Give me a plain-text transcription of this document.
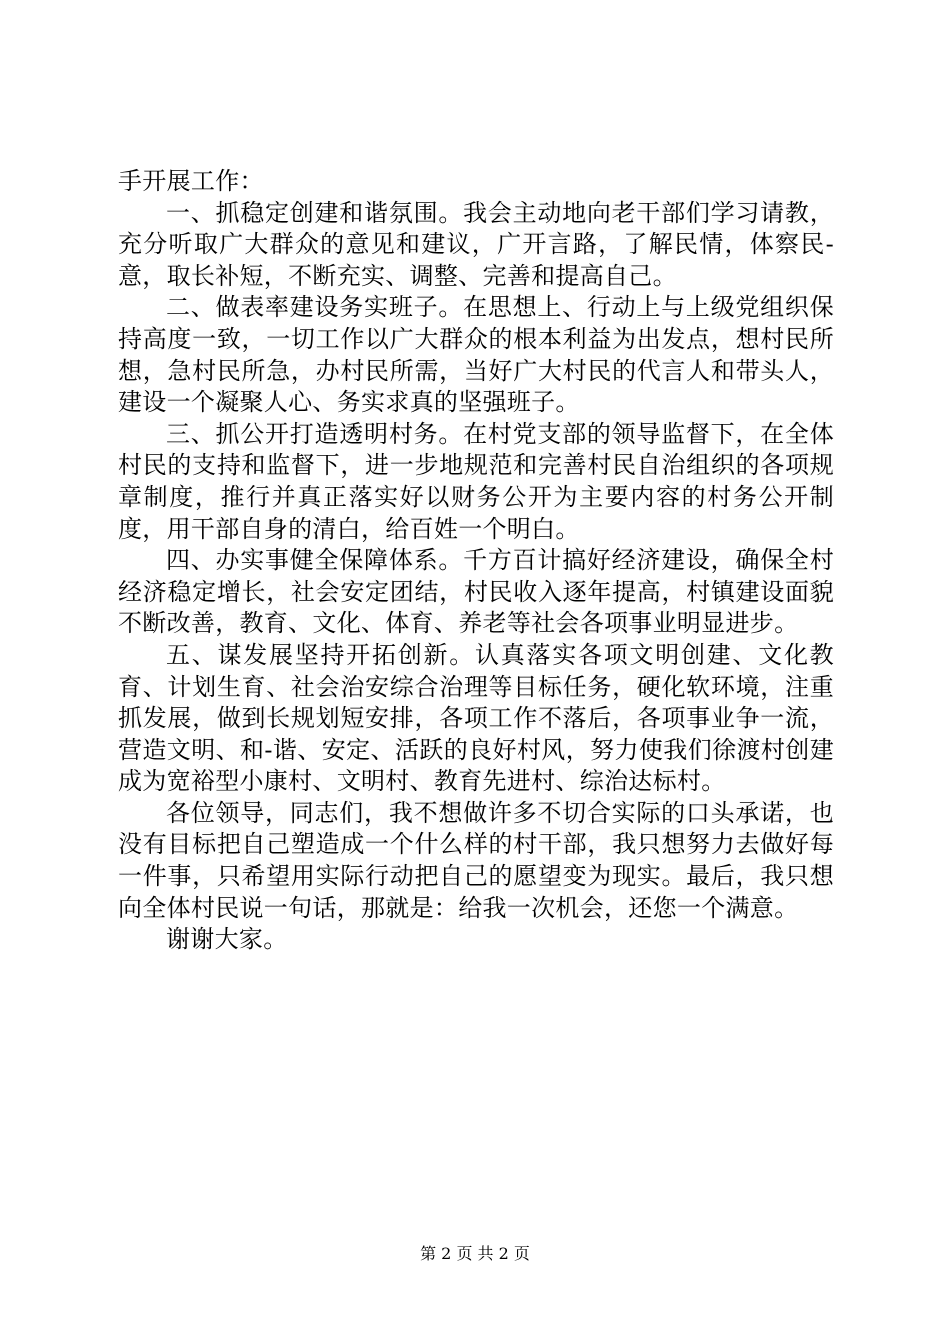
手开展工作：

一、抓稳定创建和谐氛围。我会主动地向老干部们学习请教，充分听取广大群众的意见和建议，广开言路，了解民情，体察民-意，取长补短，不断充实、调整、完善和提高自己。

二、做表率建设务实班子。在思想上、行动上与上级党组织保持高度一致，一切工作以广大群众的根本利益为出发点，想村民所想，急村民所急，办村民所需，当好广大村民的代言人和带头人，建设一个凝聚人心、务实求真的坚强班子。

三、抓公开打造透明村务。在村党支部的领导监督下，在全体村民的支持和监督下，进一步地规范和完善村民自治组织的各项规章制度，推行并真正落实好以财务公开为主要内容的村务公开制度，用干部自身的清白，给百姓一个明白。

四、办实事健全保障体系。千方百计搞好经济建设，确保全村经济稳定增长，社会安定团结，村民收入逐年提高，村镇建设面貌不断改善，教育、文化、体育、养老等社会各项事业明显进步。

五、谋发展坚持开拓创新。认真落实各项文明创建、文化教育、计划生育、社会治安综合治理等目标任务，硬化软环境，注重抓发展，做到长规划短安排，各项工作不落后，各项事业争一流，营造文明、和-谐、安定、活跃的良好村风，努力使我们徐渡村创建成为宽裕型小康村、文明村、教育先进村、综治达标村。

各位领导，同志们，我不想做许多不切合实际的口头承诺，也没有目标把自己塑造成一个什么样的村干部，我只想努力去做好每一件事，只希望用实际行动把自己的愿望变为现实。最后，我只想向全体村民说一句话，那就是：给我一次机会，还您一个满意。

谢谢大家。

第 2 页 共 2 页
